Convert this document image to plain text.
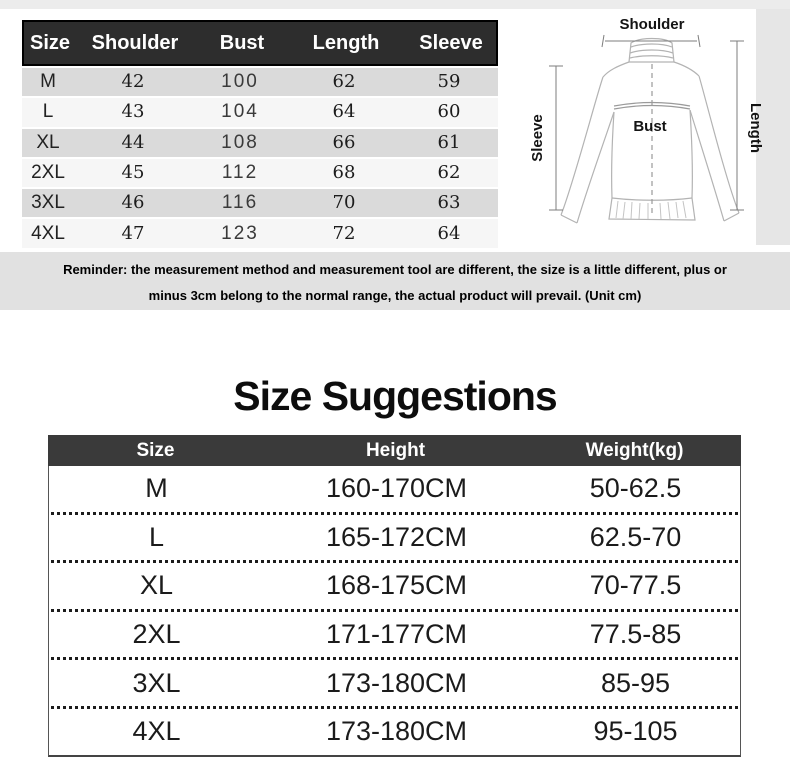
Size	Shoulder	Bust	Length	Sleeve
M	42	100	62	59
L	43	104	64	60
XL	44	108	66	61
2XL	45	112	68	62
3XL	46	116	70	63
4XL	47	123	72	64
Shoulder
Sleeve	Bust	Length

Reminder: the measurement method and measurement tool are different, the size is a little different, plus or

minus 3cm belong to the normal range, the actual product will prevail. (Unit cm)

Size Suggestions
Size	Height	Weight(kg)
M	160-170CM	50-62.5
L	165-172CM	62.5-70
XL	168-175CM	70-77.5
2XL	171-177CM	77.5-85
3XL	173-180CM	85-95
4XL	173-180CM	95-105
